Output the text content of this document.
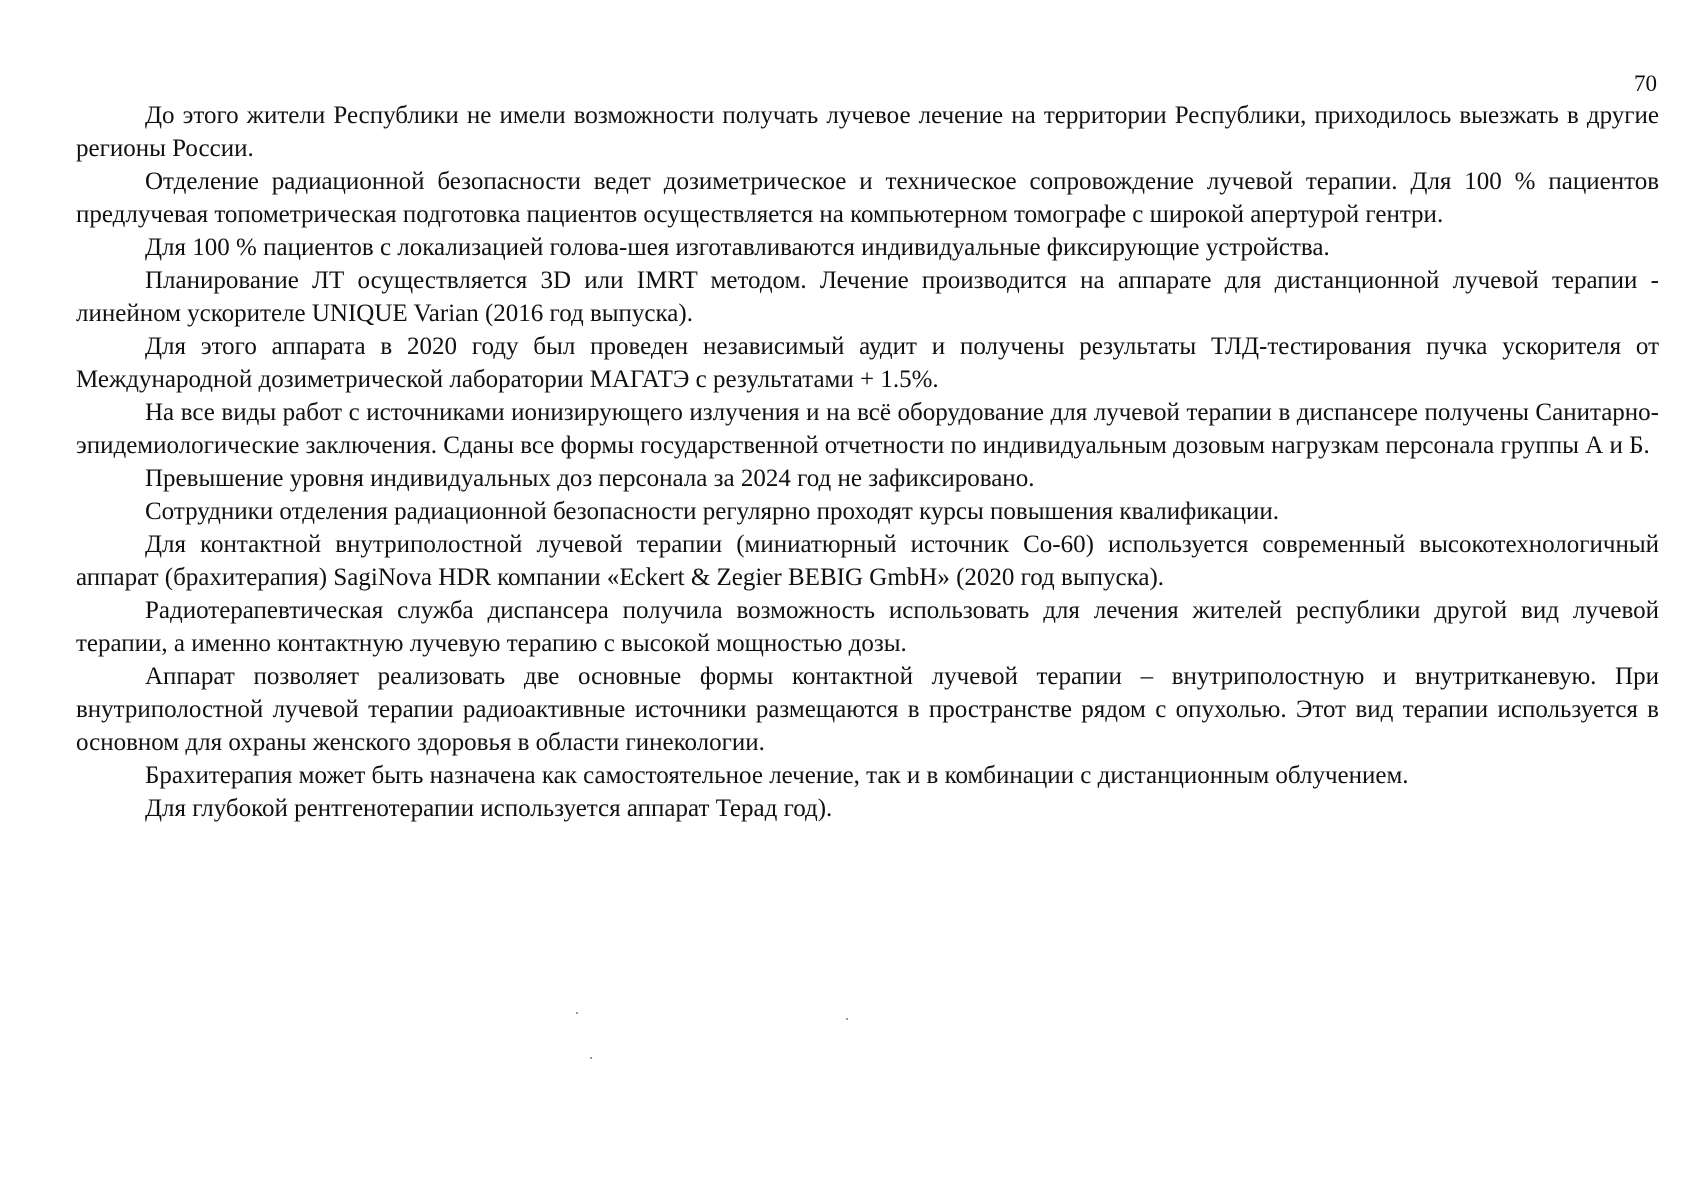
70

До этого жители Республики не имели возможности получать лучевое лечение на территории Республики, приходилось выезжать в другие регионы России.

Отделение радиационной безопасности ведет дозиметрическое и техническое сопровождение лучевой терапии. Для 100 % пациентов предлучевая топометрическая подготовка пациентов осуществляется на компьютерном томографе с широкой апертурой гентри.

Для 100 % пациентов с локализацией голова-шея изготавливаются индивидуальные фиксирующие устройства.

Планирование ЛТ осуществляется 3D или IMRT методом. Лечение производится на аппарате для дистанционной лучевой терапии - линейном ускорителе UNIQUE Varian (2016 год выпуска).

Для этого аппарата в 2020 году был проведен независимый аудит и получены результаты ТЛД-тестирования пучка ускорителя от Международной дозиметрической лаборатории МАГАТЭ с результатами + 1.5%.

На все виды работ с источниками ионизирующего излучения и на всё оборудование для лучевой терапии в диспансере получены Санитарно-эпидемиологические заключения. Сданы все формы государственной отчетности по индивидуальным дозовым нагрузкам персонала группы А и Б.

Превышение уровня индивидуальных доз персонала за 2024 год не зафиксировано.

Сотрудники отделения радиационной безопасности регулярно проходят курсы повышения квалификации.

Для контактной внутриполостной лучевой терапии (миниатюрный источник Co-60) используется современный высокотехнологичный аппарат (брахитерапия) SagiNova HDR компании «Eckert & Zegier BEBIG GmbH» (2020 год выпуска).

Радиотерапевтическая служба диспансера получила возможность использовать для лечения жителей республики другой вид лучевой терапии, а именно контактную лучевую терапию с высокой мощностью дозы.

Аппарат позволяет реализовать две основные формы контактной лучевой терапии – внутриполостную и внутритканевую. При внутриполостной лучевой терапии радиоактивные источники размещаются в пространстве рядом с опухолью. Этот вид терапии используется в основном для охраны женского здоровья в области гинекологии.

Брахитерапия может быть назначена как самостоятельное лечение, так и в комбинации с дистанционным облучением.

Для глубокой рентгенотерапии используется аппарат Терад год).
